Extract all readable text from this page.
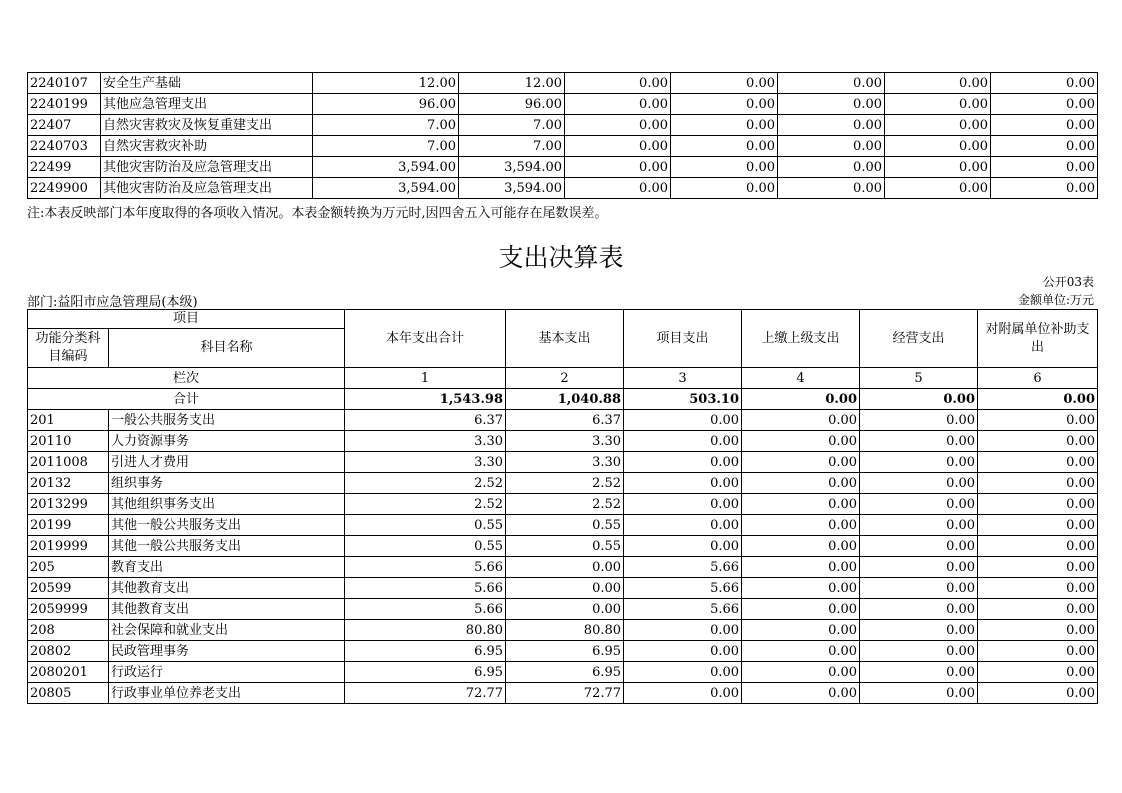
2240107	安全生产基础	12.00	12.00	0.00	0.00	0.00	0.00	0.00
2240199	其他应急管理支出	96.00	96.00	0.00	0.00	0.00	0.00	0.00
22407	自然灾害救灾及恢复重建支出	7.00	7.00	0.00	0.00	0.00	0.00	0.00
2240703	自然灾害救灾补助	7.00	7.00	0.00	0.00	0.00	0.00	0.00
22499	其他灾害防治及应急管理支出	3,594.00	3,594.00	0.00	0.00	0.00	0.00	0.00
2249900	其他灾害防治及应急管理支出	3,594.00	3,594.00	0.00	0.00	0.00	0.00	0.00
注:本表反映部门本年度取得的各项收入情况。本表金额转换为万元时,因四舍五入可能存在尾数误差。
支出决算表
公开03表
部门:益阳市应急管理局(本级)	金额单位:万元
项目		本年支出合计	基本支出	项目支出	上缴上级支出	经营支出	对附属单位补助支出
功能分类科目编码	科目名称						
栏次		1	2	3	4	5	6
合计		1,543.98	1,040.88	503.10	0.00	0.00	0.00
201	一般公共服务支出	6.37	6.37	0.00	0.00	0.00	0.00
20110	人力资源事务	3.30	3.30	0.00	0.00	0.00	0.00
2011008	引进人才费用	3.30	3.30	0.00	0.00	0.00	0.00
20132	组织事务	2.52	2.52	0.00	0.00	0.00	0.00
2013299	其他组织事务支出	2.52	2.52	0.00	0.00	0.00	0.00
20199	其他一般公共服务支出	0.55	0.55	0.00	0.00	0.00	0.00
2019999	其他一般公共服务支出	0.55	0.55	0.00	0.00	0.00	0.00
205	教育支出	5.66	0.00	5.66	0.00	0.00	0.00
20599	其他教育支出	5.66	0.00	5.66	0.00	0.00	0.00
2059999	其他教育支出	5.66	0.00	5.66	0.00	0.00	0.00
208	社会保障和就业支出	80.80	80.80	0.00	0.00	0.00	0.00
20802	民政管理事务	6.95	6.95	0.00	0.00	0.00	0.00
2080201	行政运行	6.95	6.95	0.00	0.00	0.00	0.00
20805	行政事业单位养老支出	72.77	72.77	0.00	0.00	0.00	0.00
